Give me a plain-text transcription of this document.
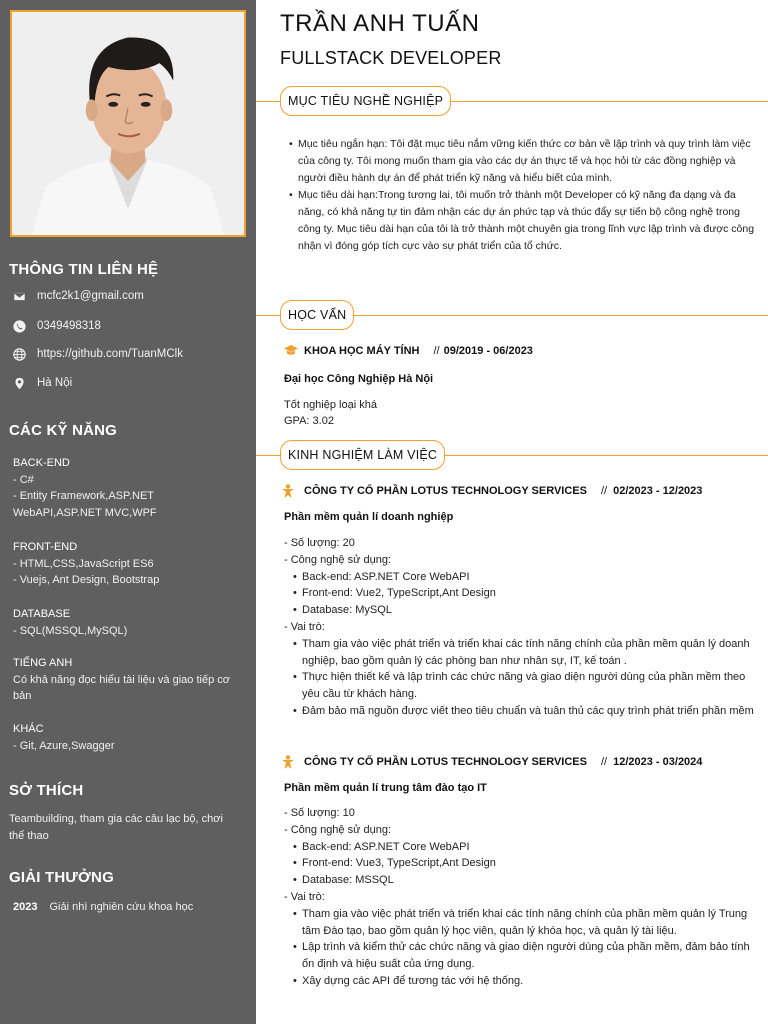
THÔNG TIN LIÊN HỆ
mcfc2k1@gmail.com
0349498318
https://github.com/TuanMClk
Hà Nội
CÁC KỸ NĂNG
BACK-END
- C#
- Entity Framework,ASP.NET WebAPI,ASP.NET MVC,WPF
FRONT-END
- HTML,CSS,JavaScript ES6
- Vuejs, Ant Design, Bootstrap
DATABASE
- SQL(MSSQL,MySQL)
TIẾNG ANH
Có khả năng đọc hiểu tài liệu và giao tiếp cơ bản
KHÁC
- Git, Azure,Swagger
SỞ THÍCH
Teambuilding, tham gia các câu lạc bộ, chơi thể thao
GIẢI THƯỞNG
2023 Giải nhì nghiên cứu khoa học
TRẦN ANH TUẤN
FULLSTACK DEVELOPER
MỤC TIÊU NGHỀ NGHIỆP
• Mục tiêu ngắn hạn: Tôi đặt mục tiêu nắm vững kiến thức cơ bản về lập trình và quy trình làm việc của công ty. Tôi mong muốn tham gia vào các dự án thực tế và học hỏi từ các đồng nghiệp và người điều hành dự án để phát triển kỹ năng và hiểu biết của mình.
• Mục tiêu dài hạn:Trong tương lai, tôi muốn trở thành một Developer có kỹ năng đa dạng và đa năng, có khả năng tự tin đảm nhận các dự án phức tạp và thúc đẩy sự tiến bộ công nghệ trong công ty. Mục tiêu dài hạn của tôi là trở thành một chuyên gia trong lĩnh vực lập trình và được công nhận vì đóng góp tích cực vào sự phát triển của tổ chức.
HỌC VẤN
KHOA HỌC MÁY TÍNH // 09/2019 - 06/2023
Đại học Công Nghiệp Hà Nội
Tốt nghiệp loại khá
GPA: 3.02
KINH NGHIỆM LÀM VIỆC
CÔNG TY CỔ PHẦN LOTUS TECHNOLOGY SERVICES // 02/2023 - 12/2023
Phần mềm quản lí doanh nghiệp
- Số lượng: 20
- Công nghệ sử dụng:
• Back-end: ASP.NET Core WebAPI
• Front-end: Vue2, TypeScript,Ant Design
• Database: MySQL
- Vai trò:
• Tham gia vào việc phát triển và triển khai các tính năng chính của phần mềm quản lý doanh nghiệp, bao gồm quản lý các phòng ban như nhân sự, IT, kế toán .
• Thực hiện thiết kế và lập trình các chức năng và giao diện người dùng của phần mềm theo yêu cầu từ khách hàng.
• Đảm bảo mã nguồn được viết theo tiêu chuẩn và tuân thủ các quy trình phát triển phần mềm
CÔNG TY CỔ PHẦN LOTUS TECHNOLOGY SERVICES // 12/2023 - 03/2024
Phần mềm quản lí trung tâm đào tạo IT
- Số lượng: 10
- Công nghệ sử dụng:
• Back-end: ASP.NET Core WebAPI
• Front-end: Vue3, TypeScript,Ant Design
• Database: MSSQL
- Vai trò:
• Tham gia vào việc phát triển và triển khai các tính năng chính của phần mềm quản lý Trung tâm Đào tạo, bao gồm quản lý học viên, quản lý khóa học, và quản lý tài liệu.
• Lập trình và kiểm thử các chức năng và giao diện người dùng của phần mềm, đảm bảo tính ổn định và hiệu suất của ứng dụng.
• Xây dựng các API để tương tác với hệ thống.
